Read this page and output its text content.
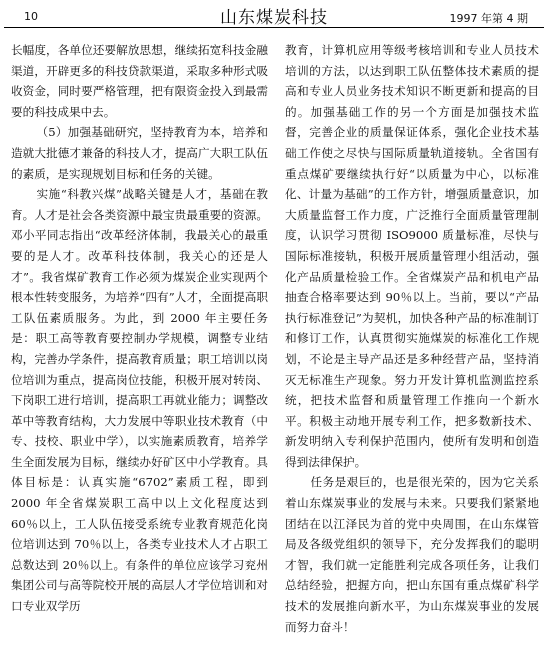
10	山东煤炭科技	1997 年第 4 期

长幅度，各单位还要解放思想，继续拓宽科技金融渠道，开辟更多的科技贷款渠道，采取多种形式吸收资金，同时要严格管理，把有限资金投入到最需要的科技成果中去。

（5）加强基础研究，坚持教育为本，培养和造就大批德才兼备的科技人才，提高广大职工队伍的素质，是实现规划目标和任务的关键。

实施“科教兴煤”战略关键是人才，基础在教育。人才是社会各类资源中最宝贵最重要的资源。邓小平同志指出“改革经济体制，我最关心的最重要的是人才。改革科技体制，我关心的还是人才”。我省煤矿教育工作必须为煤炭企业实现两个根本性转变服务，为培养“四有”人才，全面提高职工队伍素质服务。为此，到 2000 年主要任务是：职工高等教育要控制办学规模，调整专业结构，完善办学条件，提高教育质量；职工培训以岗位培训为重点，提高岗位技能，积极开展对转岗、下岗职工进行培训，提高职工再就业能力；调整改革中等教育结构，大力发展中等职业技术教育（中专、技校、职业中学），以实施素质教育，培养学生全面发展为目标，继续办好矿区中小学教育。具体目标是：认真实施“6702”素质工程，即到 2000 年全省煤炭职工高中以上文化程度达到 60％以上，工人队伍接受系统专业教育规范化岗位培训达到 70％以上，各类专业技术人才占职工总数达到 20％以上。有条件的单位应该学习兖州集团公司与高等院校开展的高层人才学位培训和对口专业双学历

教育，计算机应用等级考核培训和专业人员技术培训的方法，以达到职工队伍整体技术素质的提高和专业人员业务技术知识不断更新和提高的目的。加强基础工作的另一个方面是加强技术监督，完善企业的质量保证体系，强化企业技术基础工作使之尽快与国际质量轨道接轨。全省国有重点煤矿要继续执行好“以质量为中心，以标准化、计量为基础”的工作方针，增强质量意识，加大质量监督工作力度，广泛推行全面质量管理制度，认识学习贯彻 ISO9000 质量标准，尽快与国际标准接轨，积极开展质量管理小组活动，强化产品质量检验工作。全省煤炭产品和机电产品抽查合格率要达到 90％以上。当前，要以“产品执行标准登记”为契机，加快各种产品的标准制订和修订工作，认真贯彻实施煤炭的标准化工作规划，不论是主导产品还是多种经营产品，坚持消灭无标准生产现象。努力开发计算机监测监控系统，把技术监督和质量管理工作推向一个新水平。积极主动地开展专利工作，把多数新技术、新发明纳入专利保护范围内，使所有发明和创造得到法律保护。

任务是艰巨的，也是很光荣的，因为它关系着山东煤炭事业的发展与未来。只要我们紧紧地团结在以江泽民为首的党中央周围，在山东煤管局及各级党组织的领导下，充分发挥我们的聪明才智，我们就一定能胜利完成各项任务，让我们总结经验，把握方向，把山东国有重点煤矿科学技术的发展推向新水平，为山东煤炭事业的发展而努力奋斗！
